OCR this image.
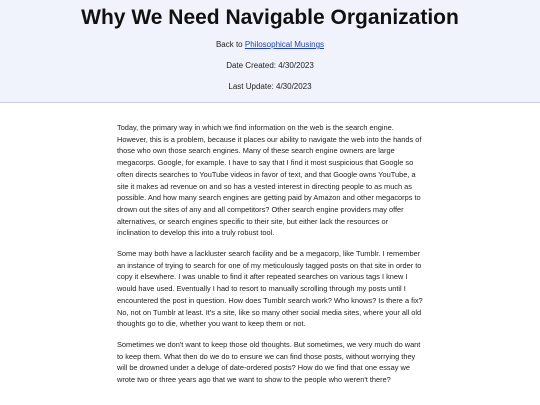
Why We Need Navigable Organization
Back to Philosophical Musings
Date Created: 4/30/2023
Last Update: 4/30/2023

Today, the primary way in which we find information on the web is the search engine. However, this is a problem, because it places our ability to navigate the web into the hands of those who own those search engines. Many of these search engine owners are large megacorps. Google, for example. I have to say that I find it most suspicious that Google so often directs searches to YouTube videos in favor of text, and that Google owns YouTube, a site it makes ad revenue on and so has a vested interest in directing people to as much as possible. And how many search engines are getting paid by Amazon and other megacorps to drown out the sites of any and all competitors? Other search engine providers may offer alternatives, or search engines specific to their site, but either lack the resources or inclination to develop this into a truly robust tool.

Some may both have a lackluster search facility and be a megacorp, like Tumblr. I remember an instance of trying to search for one of my meticulously tagged posts on that site in order to copy it elsewhere. I was unable to find it after repeated searches on various tags I knew I would have used. Eventually I had to resort to manually scrolling through my posts until I encountered the post in question. How does Tumblr search work? Who knows? Is there a fix? No, not on Tumblr at least. It's a site, like so many other social media sites, where your all old thoughts go to die, whether you want to keep them or not.

Sometimes we don't want to keep those old thoughts. But sometimes, we very much do want to keep them. What then do we do to ensure we can find those posts, without worrying they will be drowned under a deluge of date-ordered posts? How do we find that one essay we wrote two or three years ago that we want to show to the people who weren't there?
